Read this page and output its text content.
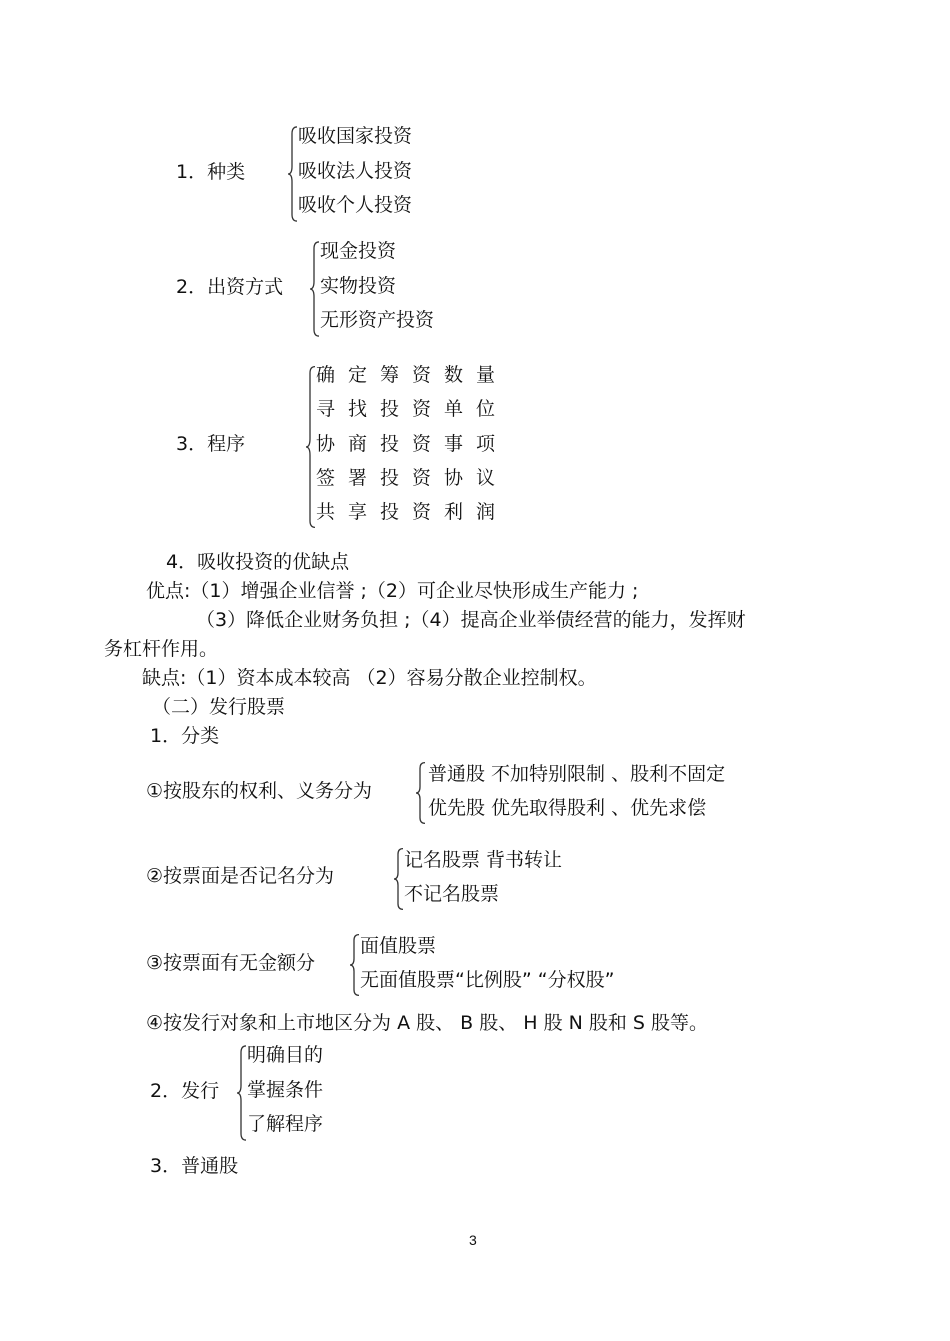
1．种类
吸收国家投资
吸收法人投资
吸收个人投资
2．出资方式
现金投资
实物投资
无形资产投资
3．程序
确定筹资数量
寻找投资单位
协商投资事项
签署投资协议
共享投资利润
4．吸收投资的优缺点
优点:（1）增强企业信誉 ;（2）可企业尽快形成生产能力 ;
（3）降低企业财务负担 ;（4）提高企业举债经营的能力，发挥财
务杠杆作用。
缺点:（1）资本成本较高 （2）容易分散企业控制权。
（二）发行股票
1．分类
①按股东的权利、义务分为
普通股 不加特别限制 、股利不固定
优先股 优先取得股利 、优先求偿
②按票面是否记名分为
记名股票 背书转让
不记名股票
③按票面有无金额分
面值股票
无面值股票“比例股” “分权股”
④按发行对象和上市地区分为 A 股、 B 股、 H 股 N 股和 S 股等。
2．发行
明确目的
掌握条件
了解程序
3．普通股
3
